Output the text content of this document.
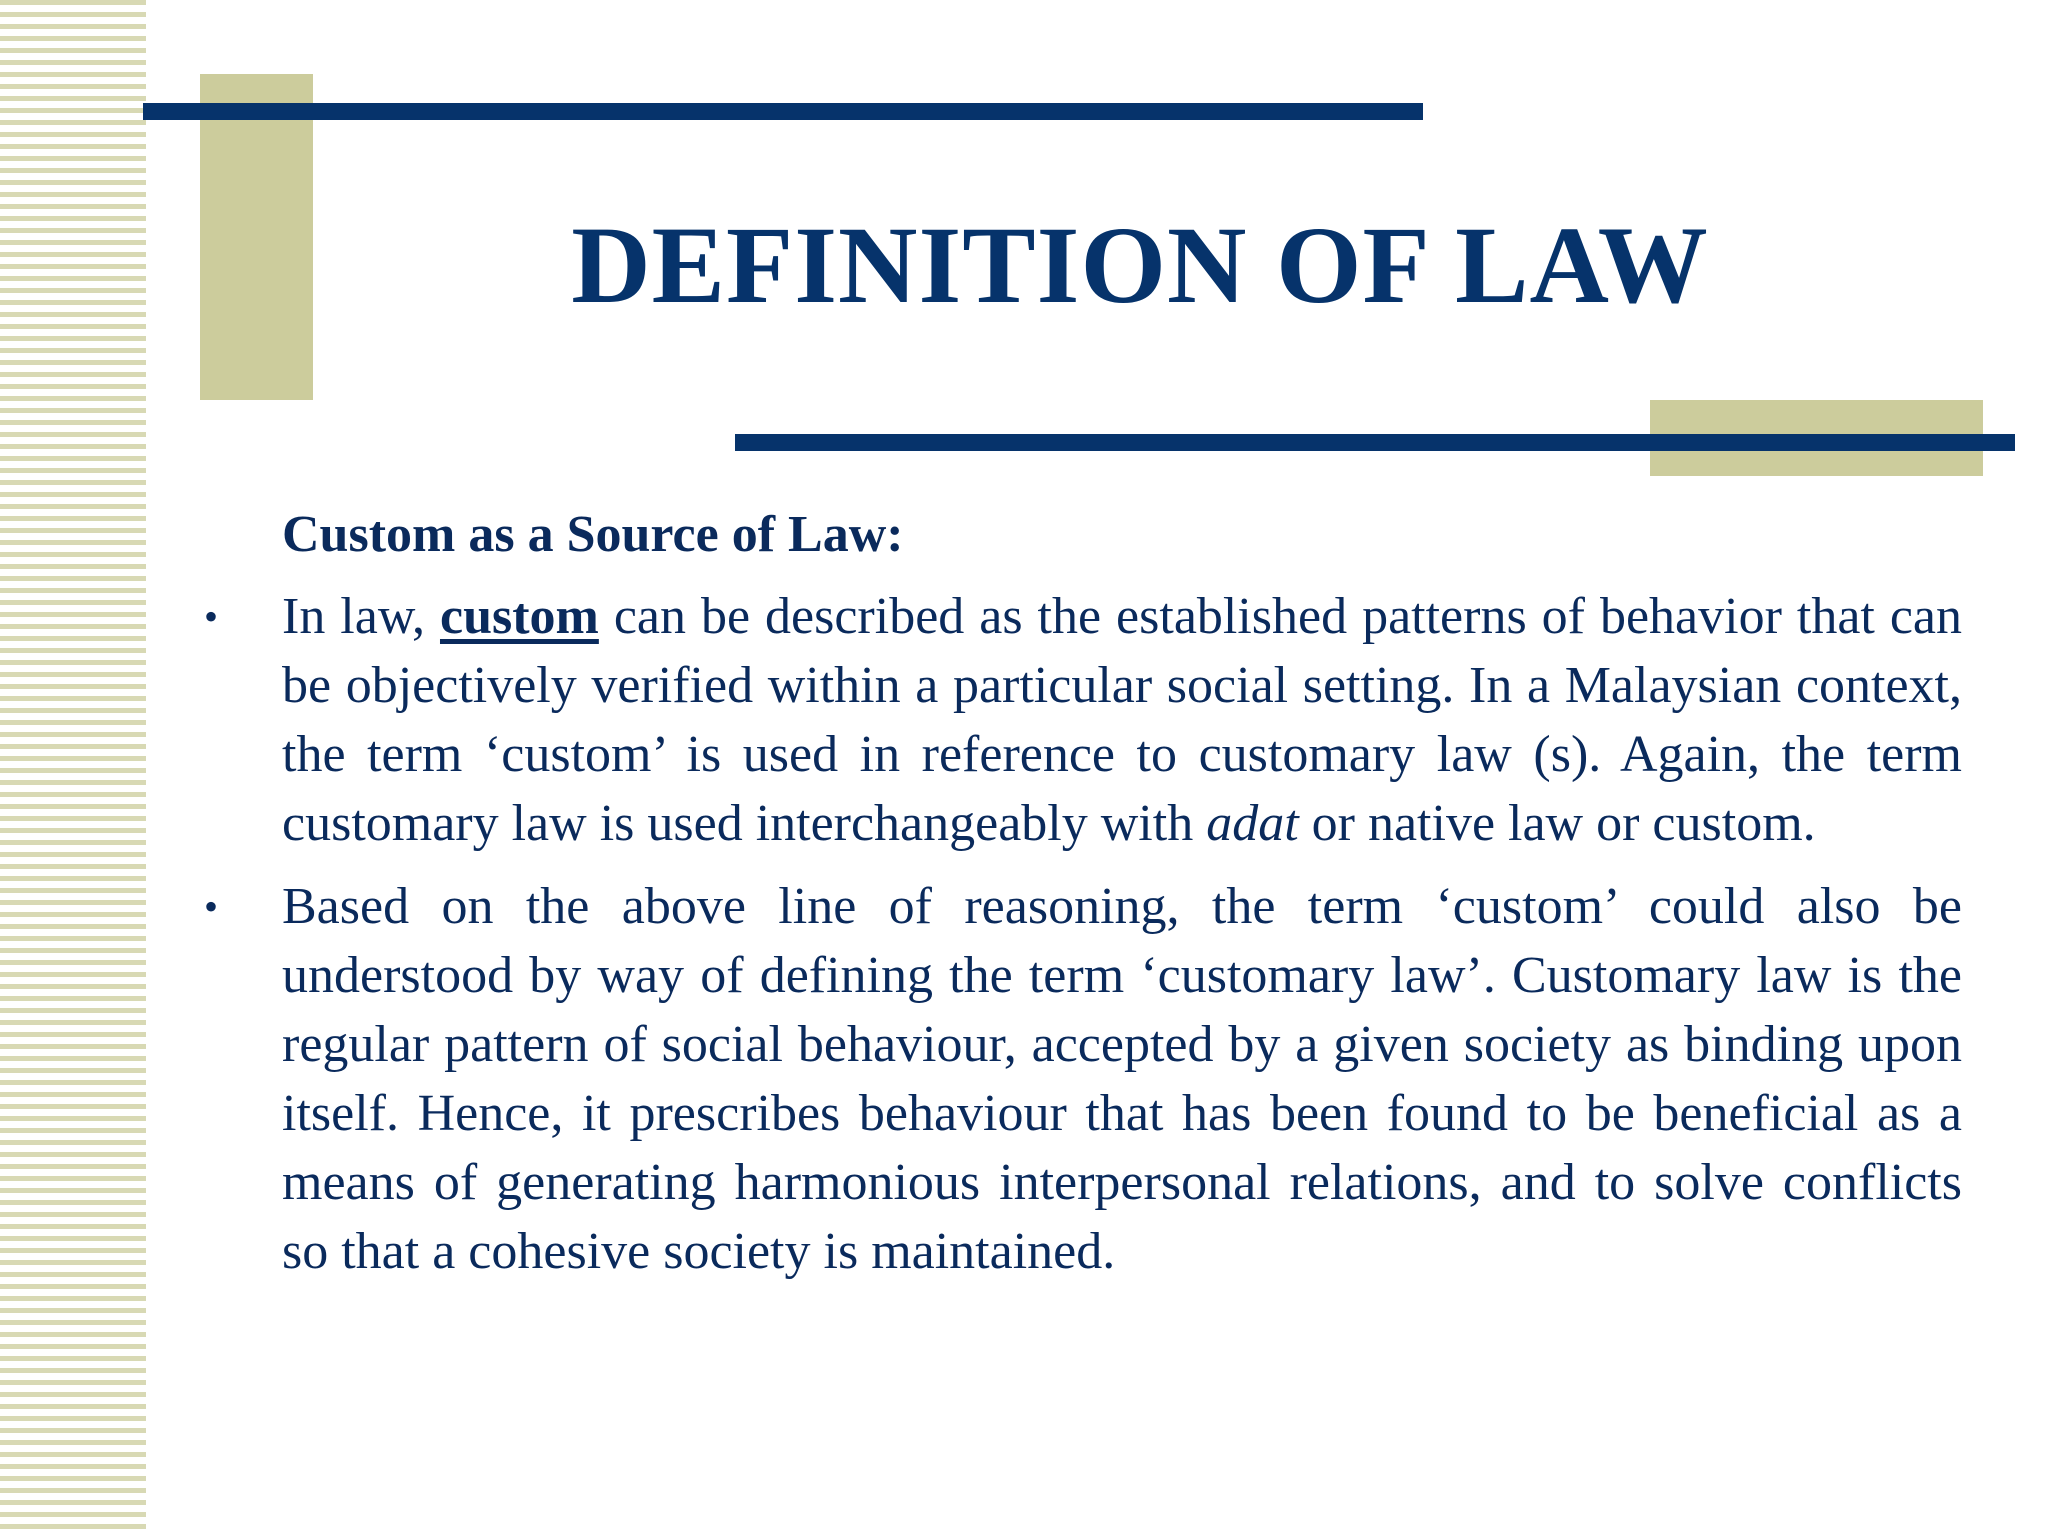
DEFINITION OF LAW

Custom as a Source of Law:

• In law, custom can be described as the established patterns of behavior that can be objectively verified within a particular social setting. In a Malaysian context, the term ‘custom’ is used in reference to customary law (s). Again, the term customary law is used interchangeably with adat or native law or custom.

• Based on the above line of reasoning, the term ‘custom’ could also be understood by way of defining the term ‘customary law’. Customary law is the regular pattern of social behaviour, accepted by a given society as binding upon itself. Hence, it prescribes behaviour that has been found to be beneficial as a means of generating harmonious interpersonal relations, and to solve conflicts so that a cohesive society is maintained.
